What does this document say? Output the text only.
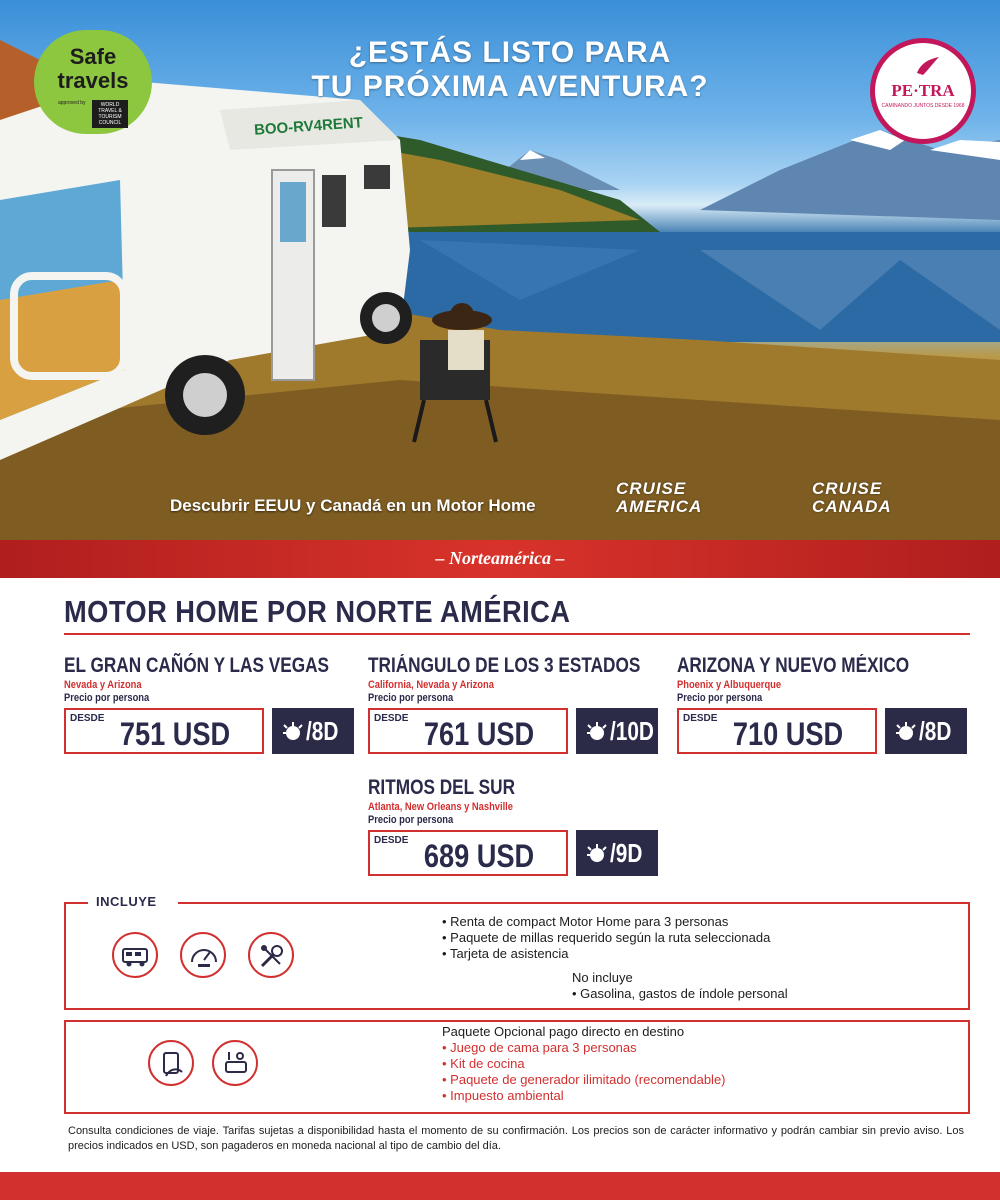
¿ESTÁS LISTO PARA
TU PRÓXIMA AVENTURA?
BOO-RV4RENT
Safe
travels
approved by	WORLD TRAVEL & TOURISM COUNCIL
PE·TRA
CAMINANDO JUNTOS DESDE 1968
Descubrir EEUU y Canadá en un Motor Home
CRUISE
AMERICA
CRUISE
CANADA
– Norteamérica –
MOTOR HOME POR NORTE AMÉRICA
EL GRAN CAÑÓN Y LAS VEGAS
Nevada y Arizona
Precio por persona
DESDE 751 USD	/8D
TRIÁNGULO DE LOS 3 ESTADOS
California, Nevada y Arizona
Precio por persona
DESDE 761 USD	/10D
ARIZONA Y NUEVO MÉXICO
Phoenix y Albuquerque
Precio por persona
DESDE 710 USD	/8D
RITMOS DEL SUR
Atlanta, New Orleans y Nashville
Precio por persona
DESDE 689 USD	/9D
INCLUYE
• Renta de compact Motor Home para 3 personas
• Paquete de millas requerido según la ruta seleccionada
• Tarjeta de asistencia
No incluye
• Gasolina, gastos de índole personal
Paquete Opcional pago directo en destino
• Juego de cama para 3 personas
• Kit de cocina
• Paquete de generador ilimitado (recomendable)
• Impuesto ambiental
Consulta condiciones de viaje. Tarifas sujetas a disponibilidad hasta el momento de su confirmación. Los precios son de carácter informativo y podrán cambiar sin previo aviso. Los precios indicados en USD, son pagaderos en moneda nacional al tipo de cambio del día.
